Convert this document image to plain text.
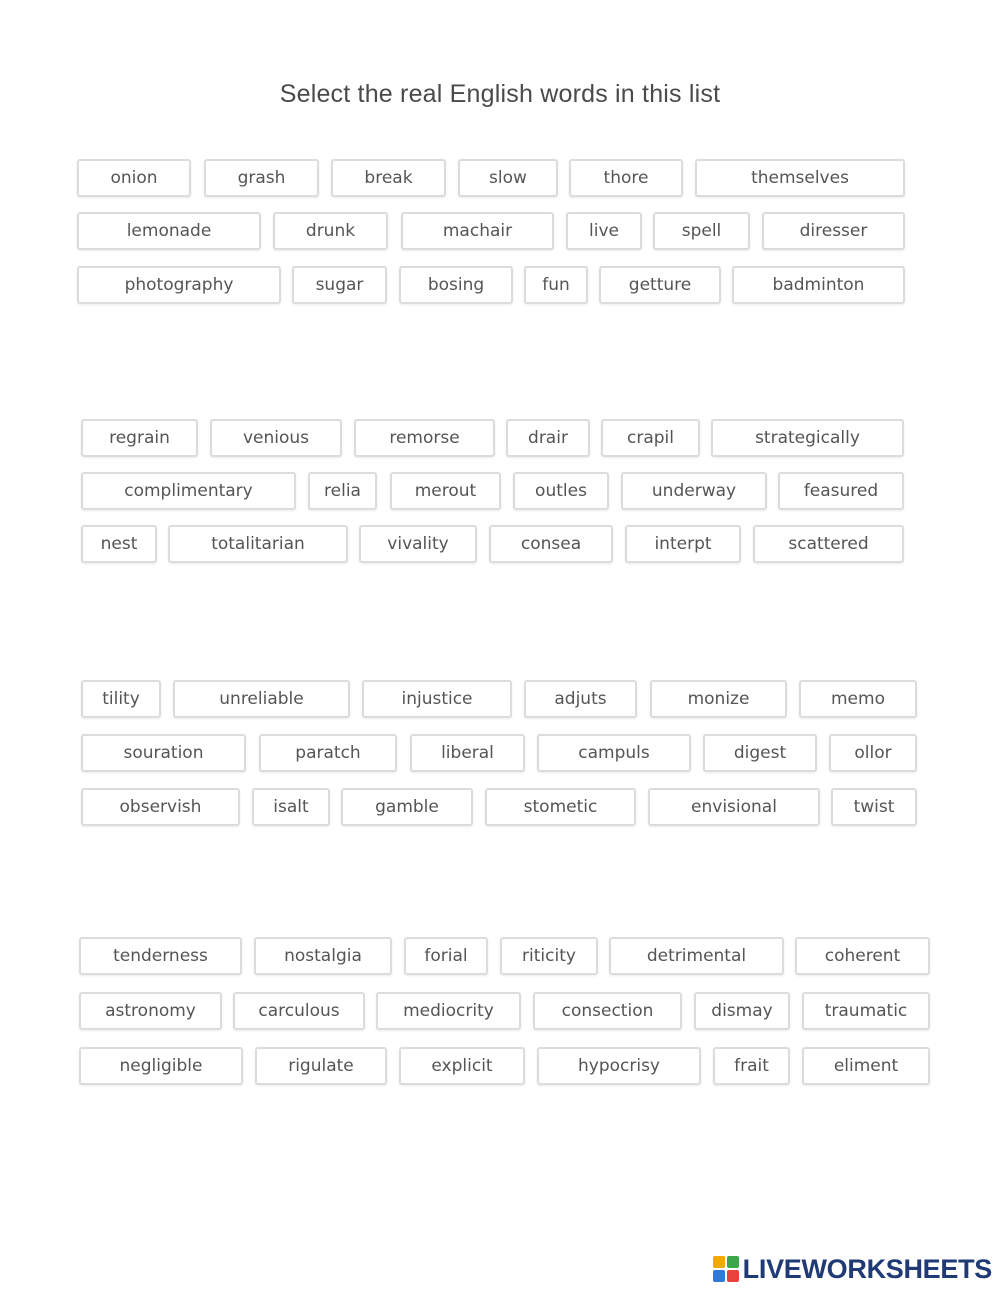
Select the real English words in this list
onion	grash	break	slow	thore	themselves
lemonade	drunk	machair	live	spell	diresser
photography	sugar	bosing	fun	getture	badminton
regrain	venious	remorse	drair	crapil	strategically
complimentary	relia	merout	outles	underway	feasured
nest	totalitarian	vivality	consea	interpt	scattered
tility	unreliable	injustice	adjuts	monize	memo
souration	paratch	liberal	campuls	digest	ollor
observish	isalt	gamble	stometic	envisional	twist
tenderness	nostalgia	forial	riticity	detrimental	coherent
astronomy	carculous	mediocrity	consection	dismay	traumatic
negligible	rigulate	explicit	hypocrisy	frait	eliment
LIVEWORKSHEETS
